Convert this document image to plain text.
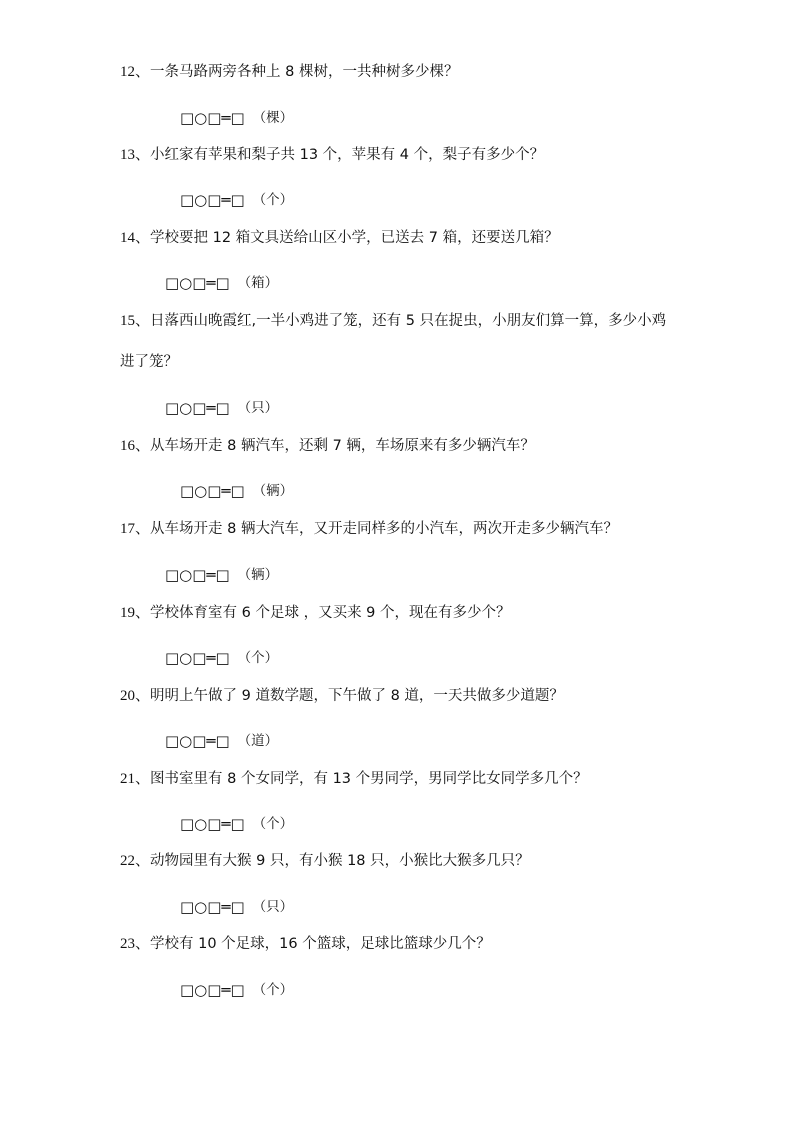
12、一条马路两旁各种上 8 棵树，一共种树多少棵？
□○□═□ （棵）
13、小红家有苹果和梨子共 13 个，苹果有 4 个，梨子有多少个？
□○□═□ （个）
14、学校要把 12 箱文具送给山区小学，已送去 7 箱，还要送几箱？
□○□═□ （箱）
15、日落西山晚霞红,一半小鸡进了笼，还有 5 只在捉虫，小朋友们算一算，多少小鸡进了笼？
□○□═□ （只）
16、从车场开走 8 辆汽车，还剩 7 辆，车场原来有多少辆汽车？
□○□═□ （辆）
17、从车场开走 8 辆大汽车，又开走同样多的小汽车，两次开走多少辆汽车？
□○□═□ （辆）
19、学校体育室有 6 个足球 ，又买来 9 个，现在有多少个？
□○□═□ （个）
20、明明上午做了 9 道数学题，下午做了 8 道，一天共做多少道题？
□○□═□ （道）
21、图书室里有 8 个女同学，有 13 个男同学，男同学比女同学多几个？
□○□═□ （个）
22、动物园里有大猴 9 只，有小猴 18 只，小猴比大猴多几只？
□○□═□ （只）
23、学校有 10 个足球，16 个篮球，足球比篮球少几个？
□○□═□ （个）
